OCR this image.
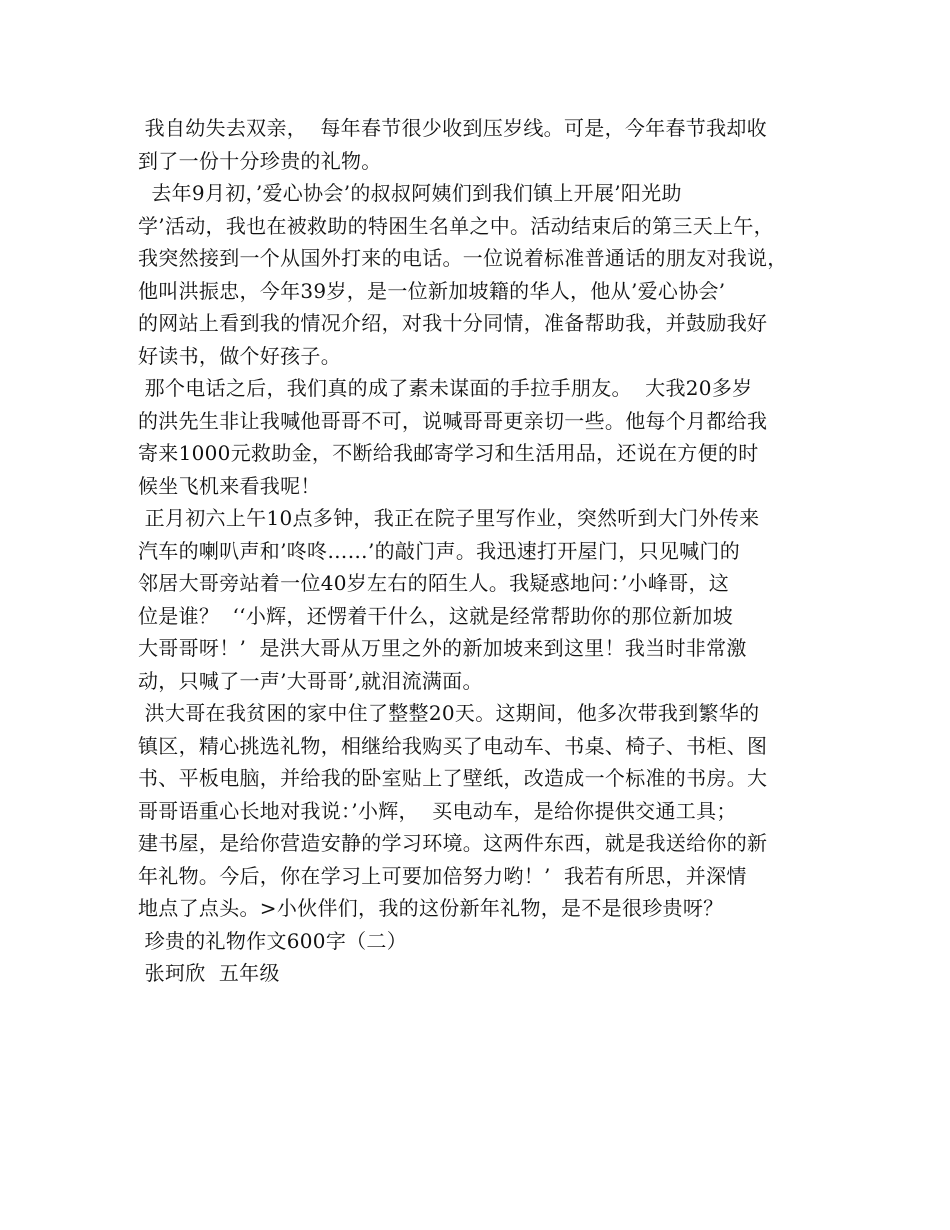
我自幼失去双亲，  每年春节很少收到压岁线。可是，今年春节我却收
到了一份十分珍贵的礼物。
去年9月初，’爱心协会’的叔叔阿姨们到我们镇上开展’阳光助
学’活动，我也在被救助的特困生名单之中。活动结束后的第三天上午，
我突然接到一个从国外打来的电话。一位说着标准普通话的朋友对我说，
他叫洪振忠，今年39岁，是一位新加坡籍的华人，他从’爱心协会’
的网站上看到我的情况介绍，对我十分同情，准备帮助我，并鼓励我好
好读书，做个好孩子。
那个电话之后，我们真的成了素未谋面的手拉手朋友。  大我20多岁
的洪先生非让我喊他哥哥不可，说喊哥哥更亲切一些。他每个月都给我
寄来1000元救助金，不断给我邮寄学习和生活用品，还说在方便的时
候坐飞机来看我呢！
正月初六上午10点多钟，我正在院子里写作业，突然听到大门外传来
汽车的喇叭声和’咚咚……’的敲门声。我迅速打开屋门，只见喊门的
邻居大哥旁站着一位40岁左右的陌生人。我疑惑地问：’小峰哥，这
位是谁？  ‘‘小辉，还愣着干什么，这就是经常帮助你的那位新加坡
大哥哥呀！’  是洪大哥从万里之外的新加坡来到这里！我当时非常激
动，只喊了一声’大哥哥’,就泪流满面。
洪大哥在我贫困的家中住了整整20天。这期间，他多次带我到繁华的
镇区，精心挑选礼物，相继给我购买了电动车、书桌、椅子、书柜、图
书、平板电脑，并给我的卧室贴上了壁纸，改造成一个标准的书房。大
哥哥语重心长地对我说：’小辉，  买电动车，是给你提供交通工具；
建书屋，是给你营造安静的学习环境。这两件东西，就是我送给你的新
年礼物。今后，你在学习上可要加倍努力哟！’  我若有所思，并深情
地点了点头。>小伙伴们，我的这份新年礼物，是不是很珍贵呀？
珍贵的礼物作文600字（二）
张珂欣  五年级
